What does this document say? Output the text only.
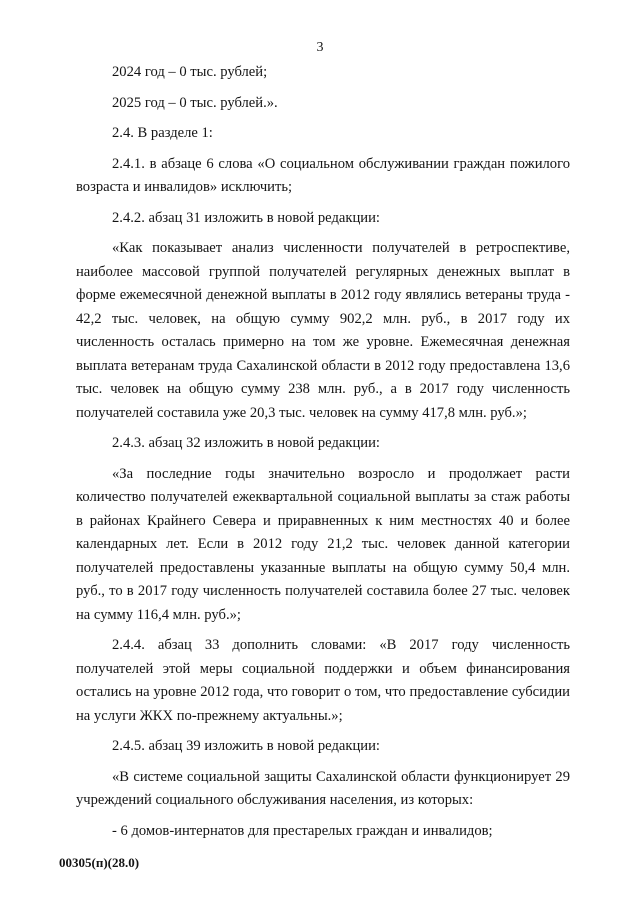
3

2024 год – 0 тыс. рублей;

2025 год – 0 тыс. рублей.».

2.4. В разделе 1:

2.4.1. в абзаце 6 слова «О социальном обслуживании граждан пожилого возраста и инвалидов» исключить;

2.4.2. абзац 31 изложить в новой редакции:

«Как показывает анализ численности получателей в ретроспективе, наиболее массовой группой получателей регулярных денежных выплат в форме ежемесячной денежной выплаты в 2012 году являлись ветераны труда - 42,2 тыс. человек, на общую сумму 902,2 млн. руб., в 2017 году их численность осталась примерно на том же уровне. Ежемесячная денежная выплата ветеранам труда Сахалинской области в 2012 году предоставлена 13,6 тыс. человек на общую сумму 238 млн. руб., а в 2017 году численность получателей составила уже 20,3 тыс. человек на сумму 417,8 млн. руб.»;

2.4.3. абзац 32 изложить в новой редакции:

«За последние годы значительно возросло и продолжает расти количество получателей ежеквартальной социальной выплаты за стаж работы в районах Крайнего Севера и приравненных к ним местностях 40 и более календарных лет. Если в 2012 году 21,2 тыс. человек данной категории получателей предоставлены указанные выплаты на общую сумму 50,4 млн. руб., то в 2017 году численность получателей составила более 27 тыс. человек на сумму 116,4 млн. руб.»;

2.4.4. абзац 33 дополнить словами: «В 2017 году численность получателей этой меры социальной поддержки и объем финансирования остались на уровне 2012 года, что говорит о том, что предоставление субсидии на услуги ЖКХ по-прежнему актуальны.»;

2.4.5. абзац 39 изложить в новой редакции:

«В системе социальной защиты Сахалинской области функционирует 29 учреждений социального обслуживания населения, из которых:

- 6 домов-интернатов для престарелых граждан и инвалидов;

00305(п)(28.0)
